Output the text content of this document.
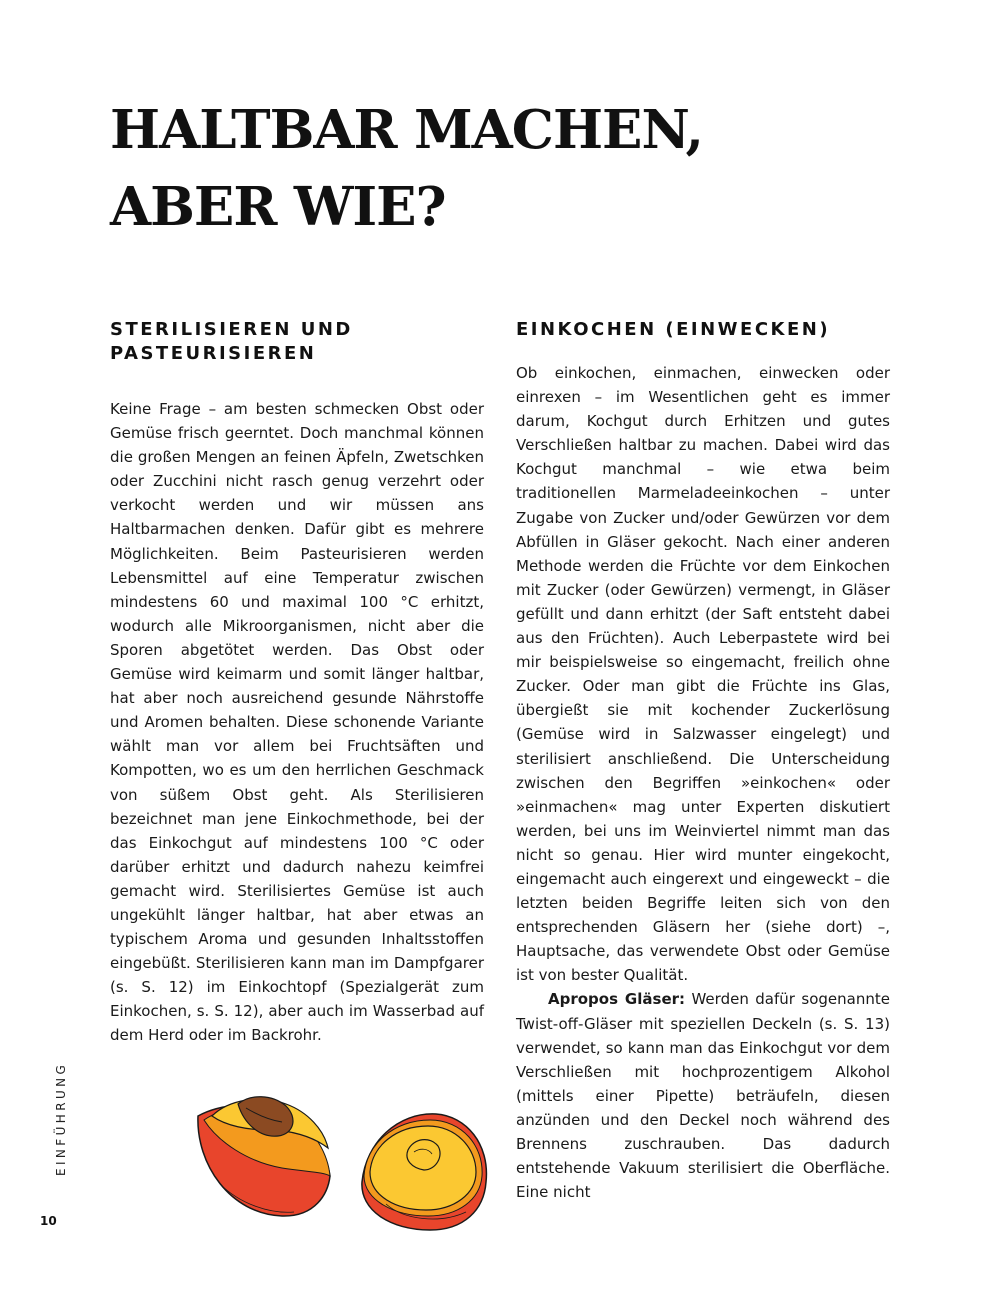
HALTBAR MACHEN,
ABER WIE?
STERILISIEREN UND
PASTEURISIEREN

Keine Frage – am besten schmecken Obst oder Gemüse frisch geerntet. Doch manchmal können die großen Mengen an feinen Äpfeln, Zwetschken oder Zucchini nicht rasch genug verzehrt oder verkocht werden und wir müssen ans Haltbarmachen denken. Dafür gibt es mehrere Möglichkeiten. Beim Pasteurisieren werden Lebensmittel auf eine Temperatur zwischen mindestens 60 und maximal 100 °C erhitzt, wodurch alle Mikroorganismen, nicht aber die Sporen abgetötet werden. Das Obst oder Gemüse wird keimarm und somit länger haltbar, hat aber noch ausreichend gesunde Nährstoffe und Aromen behalten. Diese schonende Variante wählt man vor allem bei Fruchtsäften und Kompotten, wo es um den herrlichen Geschmack von süßem Obst geht. Als Sterilisieren bezeichnet man jene Einkochmethode, bei der das Einkochgut auf mindestens 100 °C oder darüber erhitzt und dadurch nahezu keimfrei gemacht wird. Sterilisiertes Gemüse ist auch ungekühlt länger haltbar, hat aber etwas an typischem Aroma und gesunden Inhaltsstoffen eingebüßt. Sterilisieren kann man im Dampfgarer (s. S. 12) im Einkochtopf (Spezialgerät zum Einkochen, s. S. 12), aber auch im Wasserbad auf dem Herd oder im Backrohr.

EINKOCHEN (EINWECKEN)

Ob einkochen, einmachen, einwecken oder einrexen – im Wesentlichen geht es immer darum, Kochgut durch Erhitzen und gutes Verschließen haltbar zu machen. Dabei wird das Kochgut manchmal – wie etwa beim traditionellen Marmeladeeinkochen – unter Zugabe von Zucker und/oder Gewürzen vor dem Abfüllen in Gläser gekocht. Nach einer anderen Methode werden die Früchte vor dem Einkochen mit Zucker (oder Gewürzen) vermengt, in Gläser gefüllt und dann erhitzt (der Saft entsteht dabei aus den Früchten). Auch Leberpastete wird bei mir beispielsweise so eingemacht, freilich ohne Zucker. Oder man gibt die Früchte ins Glas, übergießt sie mit kochender Zuckerlösung (Gemüse wird in Salzwasser eingelegt) und sterilisiert anschließend. Die Unterscheidung zwischen den Begriffen »einkochen« oder »einmachen« mag unter Experten diskutiert werden, bei uns im Weinviertel nimmt man das nicht so genau. Hier wird munter eingekocht, eingemacht auch eingerext und eingeweckt – die letzten beiden Begriffe leiten sich von den entsprechenden Gläsern her (siehe dort) –, Hauptsache, das verwendete Obst oder Gemüse ist von bester Qualität.

Apropos Gläser: Werden dafür sogenannte Twist-off-Gläser mit speziellen Deckeln (s. S. 13) verwendet, so kann man das Einkochgut vor dem Verschließen mit hochprozentigem Alkohol (mittels einer Pipette) beträufeln, diesen anzünden und den Deckel noch während des Brennens zuschrauben. Das dadurch entstehende Vakuum sterilisiert die Oberfläche. Eine nicht

EINFÜHRUNG
10
